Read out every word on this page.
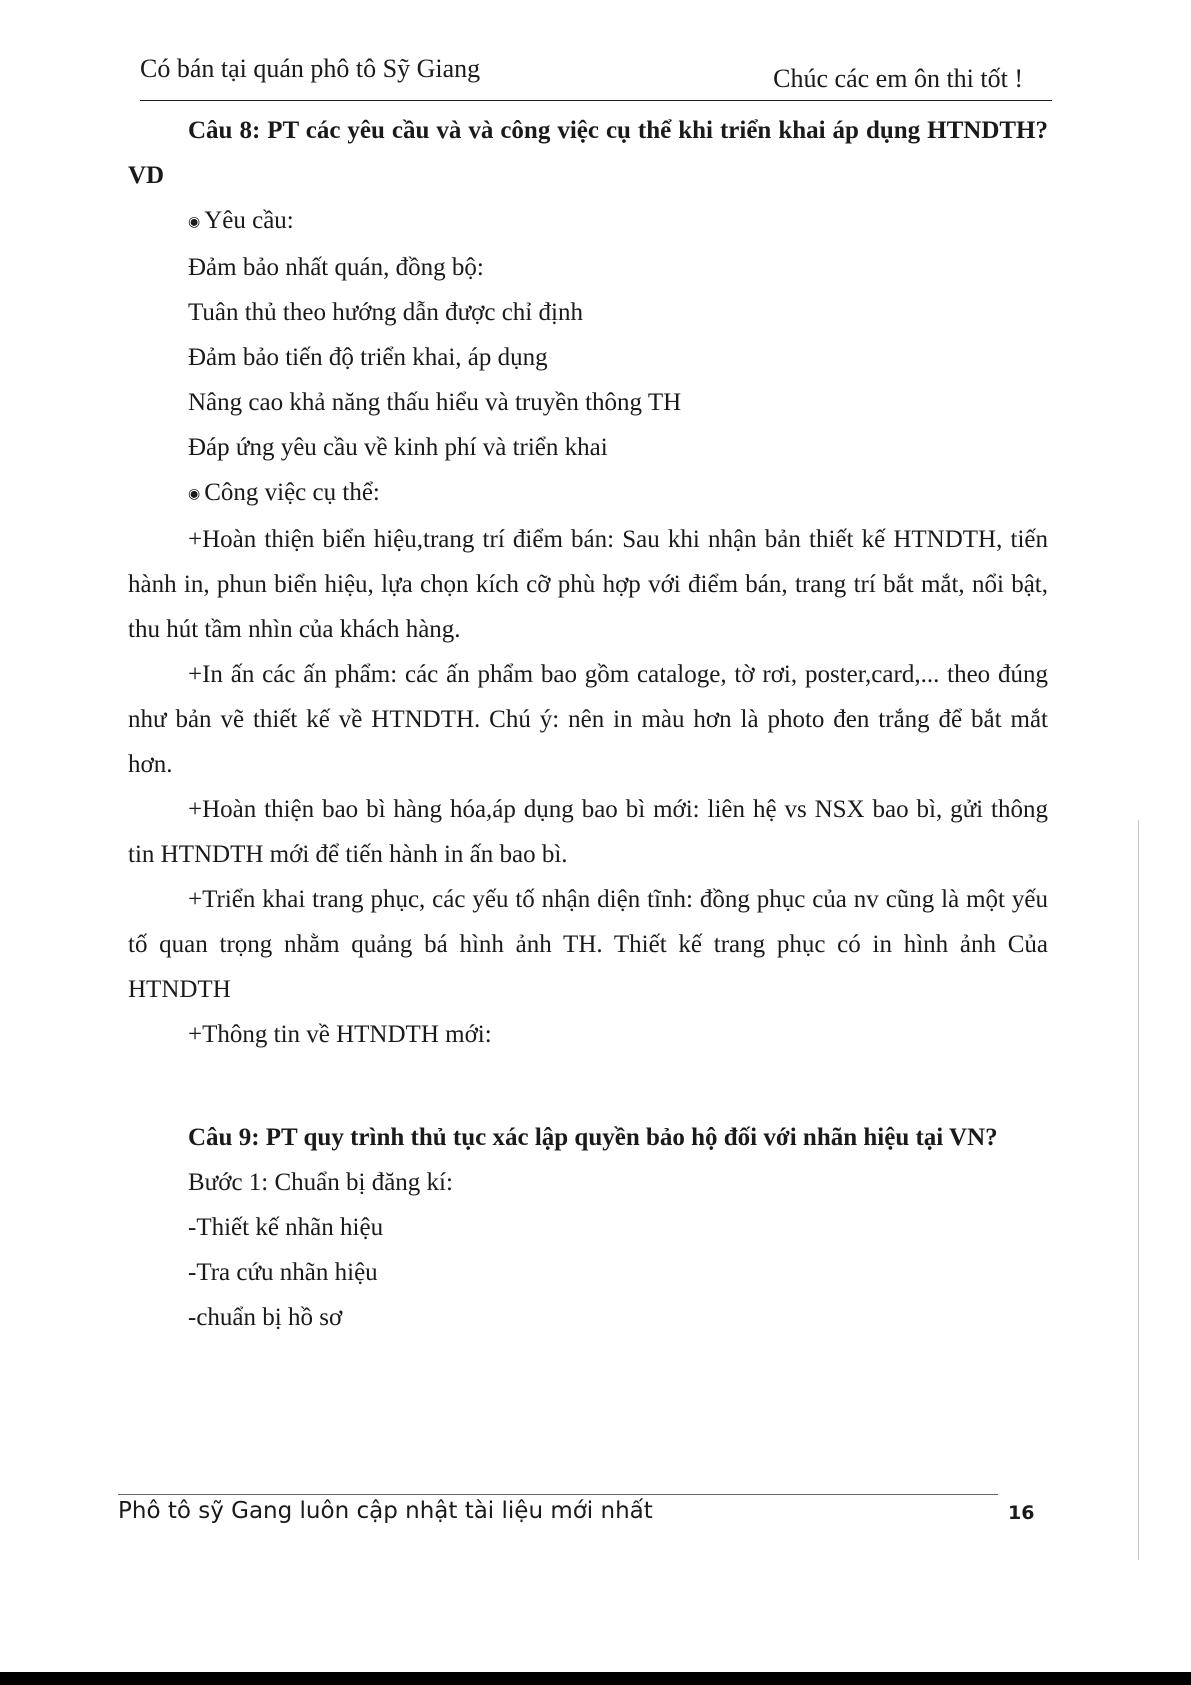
Có bán tại quán phô tô Sỹ Giang	Chúc các em ôn thi tốt !

Câu 8: PT các yêu cầu và và công việc cụ thể khi triển khai áp dụng HTNDTH?VD

◉ Yêu cầu:

Đảm bảo nhất quán, đồng bộ:

Tuân thủ theo hướng dẫn được chỉ định

Đảm bảo tiến độ triển khai, áp dụng

Nâng cao khả năng thấu hiểu và truyền thông TH

Đáp ứng yêu cầu về kinh phí và triển khai

◉ Công việc cụ thể:

+Hoàn thiện biển hiệu,trang trí điểm bán: Sau khi nhận bản thiết kế HTNDTH, tiến hành in, phun biển hiệu, lựa chọn kích cỡ phù hợp với điểm bán, trang trí bắt mắt, nổi bật, thu hút tầm nhìn của khách hàng.

+In ấn các ấn phẩm: các ấn phẩm bao gồm cataloge, tờ rơi, poster,card,... theo đúng như bản vẽ thiết kế về HTNDTH. Chú ý: nên in màu hơn là photo đen trắng để bắt mắt hơn.

+Hoàn thiện bao bì hàng hóa,áp dụng bao bì mới: liên hệ vs NSX bao bì, gửi thông tin HTNDTH mới để tiến hành in ấn bao bì.

+Triển khai trang phục, các yếu tố nhận diện tĩnh: đồng phục của nv cũng là một yếu tố quan trọng nhằm quảng bá hình ảnh TH. Thiết kế trang phục có in hình ảnh Của HTNDTH

+Thông tin về HTNDTH mới:

Câu 9: PT quy trình thủ tục xác lập quyền bảo hộ đối với nhãn hiệu tại VN?

Bước 1: Chuẩn bị đăng kí:

-Thiết kế nhãn hiệu

-Tra cứu nhãn hiệu

-chuẩn bị hồ sơ

Phô tô sỹ Gang luôn cập nhật tài liệu mới nhất	16
